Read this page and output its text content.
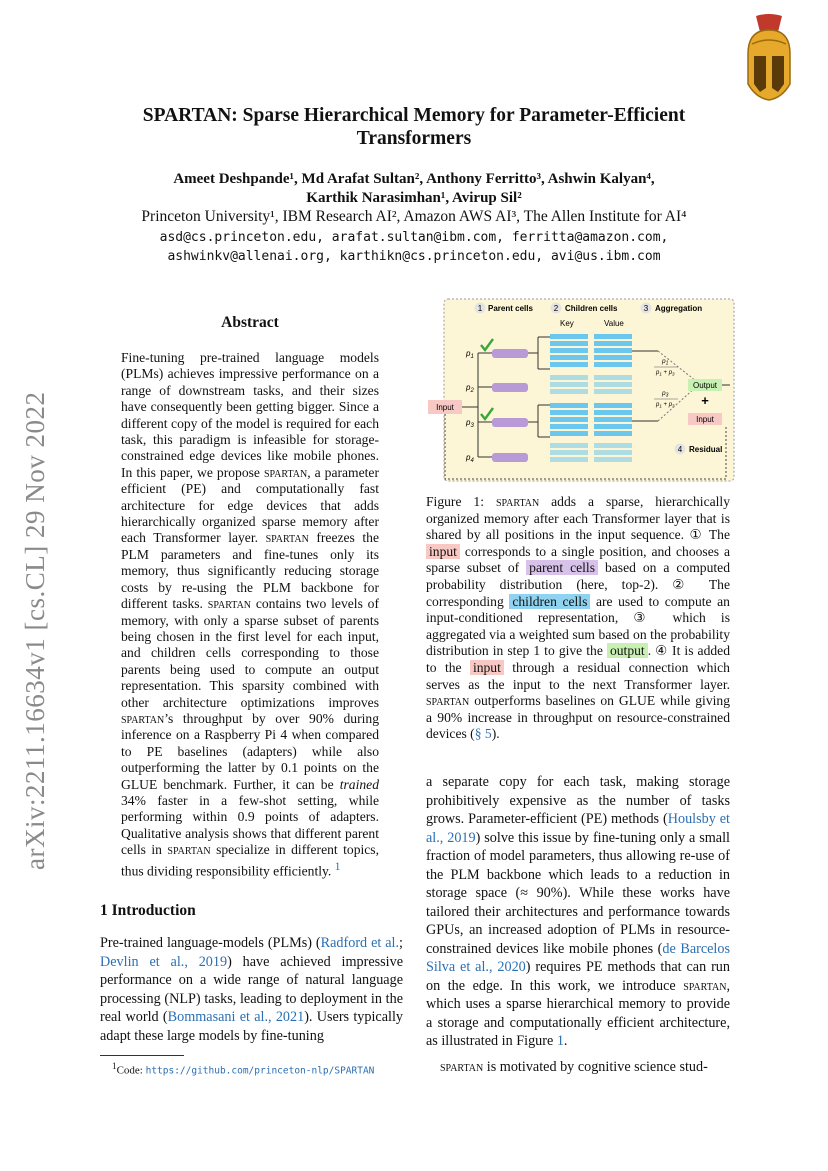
SPARTAN: Sparse Hierarchical Memory for Parameter-Efficient Transformers
Ameet Deshpande¹, Md Arafat Sultan², Anthony Ferritto³, Ashwin Kalyan⁴,
Karthik Narasimhan¹, Avirup Sil²
Princeton University¹, IBM Research AI², Amazon AWS AI³, The Allen Institute for AI⁴
asd@cs.princeton.edu, arafat.sultan@ibm.com, ferritta@amazon.com,
ashwinkv@allenai.org, karthikn@cs.princeton.edu, avi@us.ibm.com
arXiv:2211.16634v1 [cs.CL] 29 Nov 2022
Abstract

Fine-tuning pre-trained language models (PLMs) achieves impressive performance on a range of downstream tasks, and their sizes have consequently been getting bigger. Since a different copy of the model is required for each task, this paradigm is infeasible for storage-constrained edge devices like mobile phones. In this paper, we propose spartan, a parameter efficient (PE) and computationally fast architecture for edge devices that adds hierarchically organized sparse memory after each Transformer layer. spartan freezes the PLM parameters and fine-tunes only its memory, thus significantly reducing storage costs by re-using the PLM backbone for different tasks. spartan contains two levels of memory, with only a sparse subset of parents being chosen in the first level for each input, and children cells corresponding to those parents being used to compute an output representation. This sparsity combined with other architecture optimizations improves spartan’s throughput by over 90% during inference on a Raspberry Pi 4 when compared to PE baselines (adapters) while also outperforming the latter by 0.1 points on the GLUE benchmark. Further, it can be trained 34% faster in a few-shot setting, while performing within 0.9 points of adapters. Qualitative analysis shows that different parent cells in spartan specialize in different topics, thus dividing responsibility efficiently. $^1$

1 Introduction

Pre-trained language-models (PLMs) (Radford et al.; Devlin et al., 2019) have achieved impressive performance on a wide range of natural language processing (NLP) tasks, leading to deployment in the real world (Bommasani et al., 2021). Users typically adapt these large models by fine-tuning

$^1$Code: https://github.com/princeton-nlp/SPARTAN
1 Parent cells	2 Children cells	3 Aggregation
Key	Value
Input
$p_1$
$p_2$
$p_3$
$p_4$
$p_1$
$p_1 + p_3$
$p_3$
$p_1 + p_3$
Output
+
Input
4 Residual

Figure 1: spartan adds a sparse, hierarchically organized memory after each Transformer layer that is shared by all positions in the input sequence. ① The input corresponds to a single position, and chooses a sparse subset of parent cells based on a computed probability distribution (here, top-2). ② The corresponding children cells are used to compute an input-conditioned representation, ③ which is aggregated via a weighted sum based on the probability distribution in step 1 to give the output . ④ It is added to the input through a residual connection which serves as the input to the next Transformer layer. spartan outperforms baselines on GLUE while giving a 90% increase in throughput on resource-constrained devices (§ 5).

a separate copy for each task, making storage prohibitively expensive as the number of tasks grows. Parameter-efficient (PE) methods (Houlsby et al., 2019) solve this issue by fine-tuning only a small fraction of model parameters, thus allowing re-use of the PLM backbone which leads to a reduction in storage space (≈ 90%). While these works have tailored their architectures and performance towards GPUs, an increased adoption of PLMs in resource-constrained devices like mobile phones (de Barcelos Silva et al., 2020) requires PE methods that can run on the edge. In this work, we introduce spartan, which uses a sparse hierarchical memory to provide a storage and computationally efficient architecture, as illustrated in Figure 1.

spartan is motivated by cognitive science stud-
